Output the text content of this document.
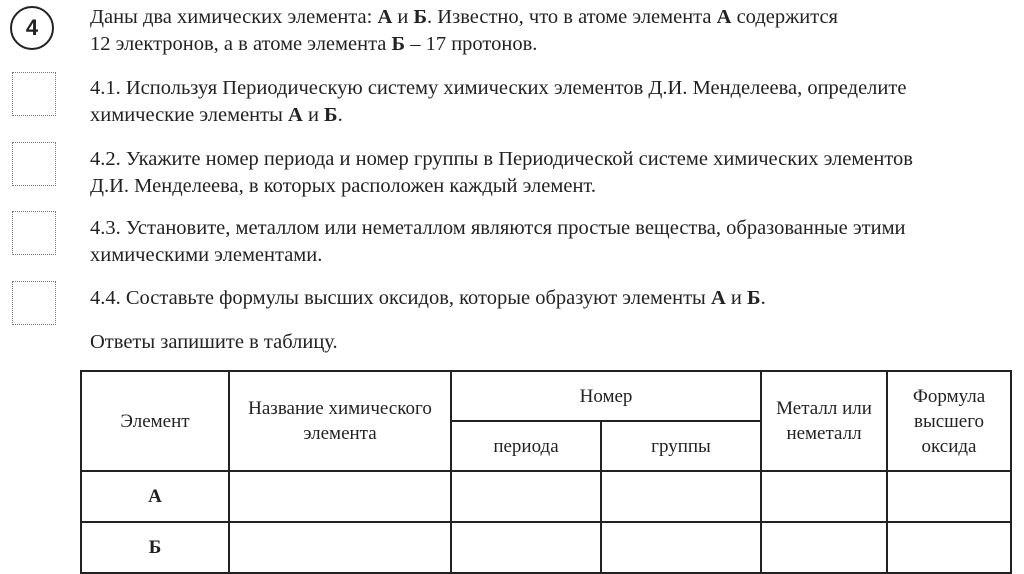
4	Даны два химических элемента: А и Б. Известно, что в атоме элемента А содержится
12 электронов, а в атоме элемента Б – 17 протонов.
4.1. Используя Периодическую систему химических элементов Д.И. Менделеева, определите
химические элементы А и Б.
4.2. Укажите номер периода и номер группы в Периодической системе химических элементов
Д.И. Менделеева, в которых расположен каждый элемент.
4.3. Установите, металлом или неметаллом являются простые вещества, образованные этими
химическими элементами.
4.4. Составьте формулы высших оксидов, которые образуют элементы А и Б.
Ответы запишите в таблицу.
Элемент	Название химического элемента	Номер		Металл или неметалл	Формула высшего оксида
		периода	группы		
А					
Б					
